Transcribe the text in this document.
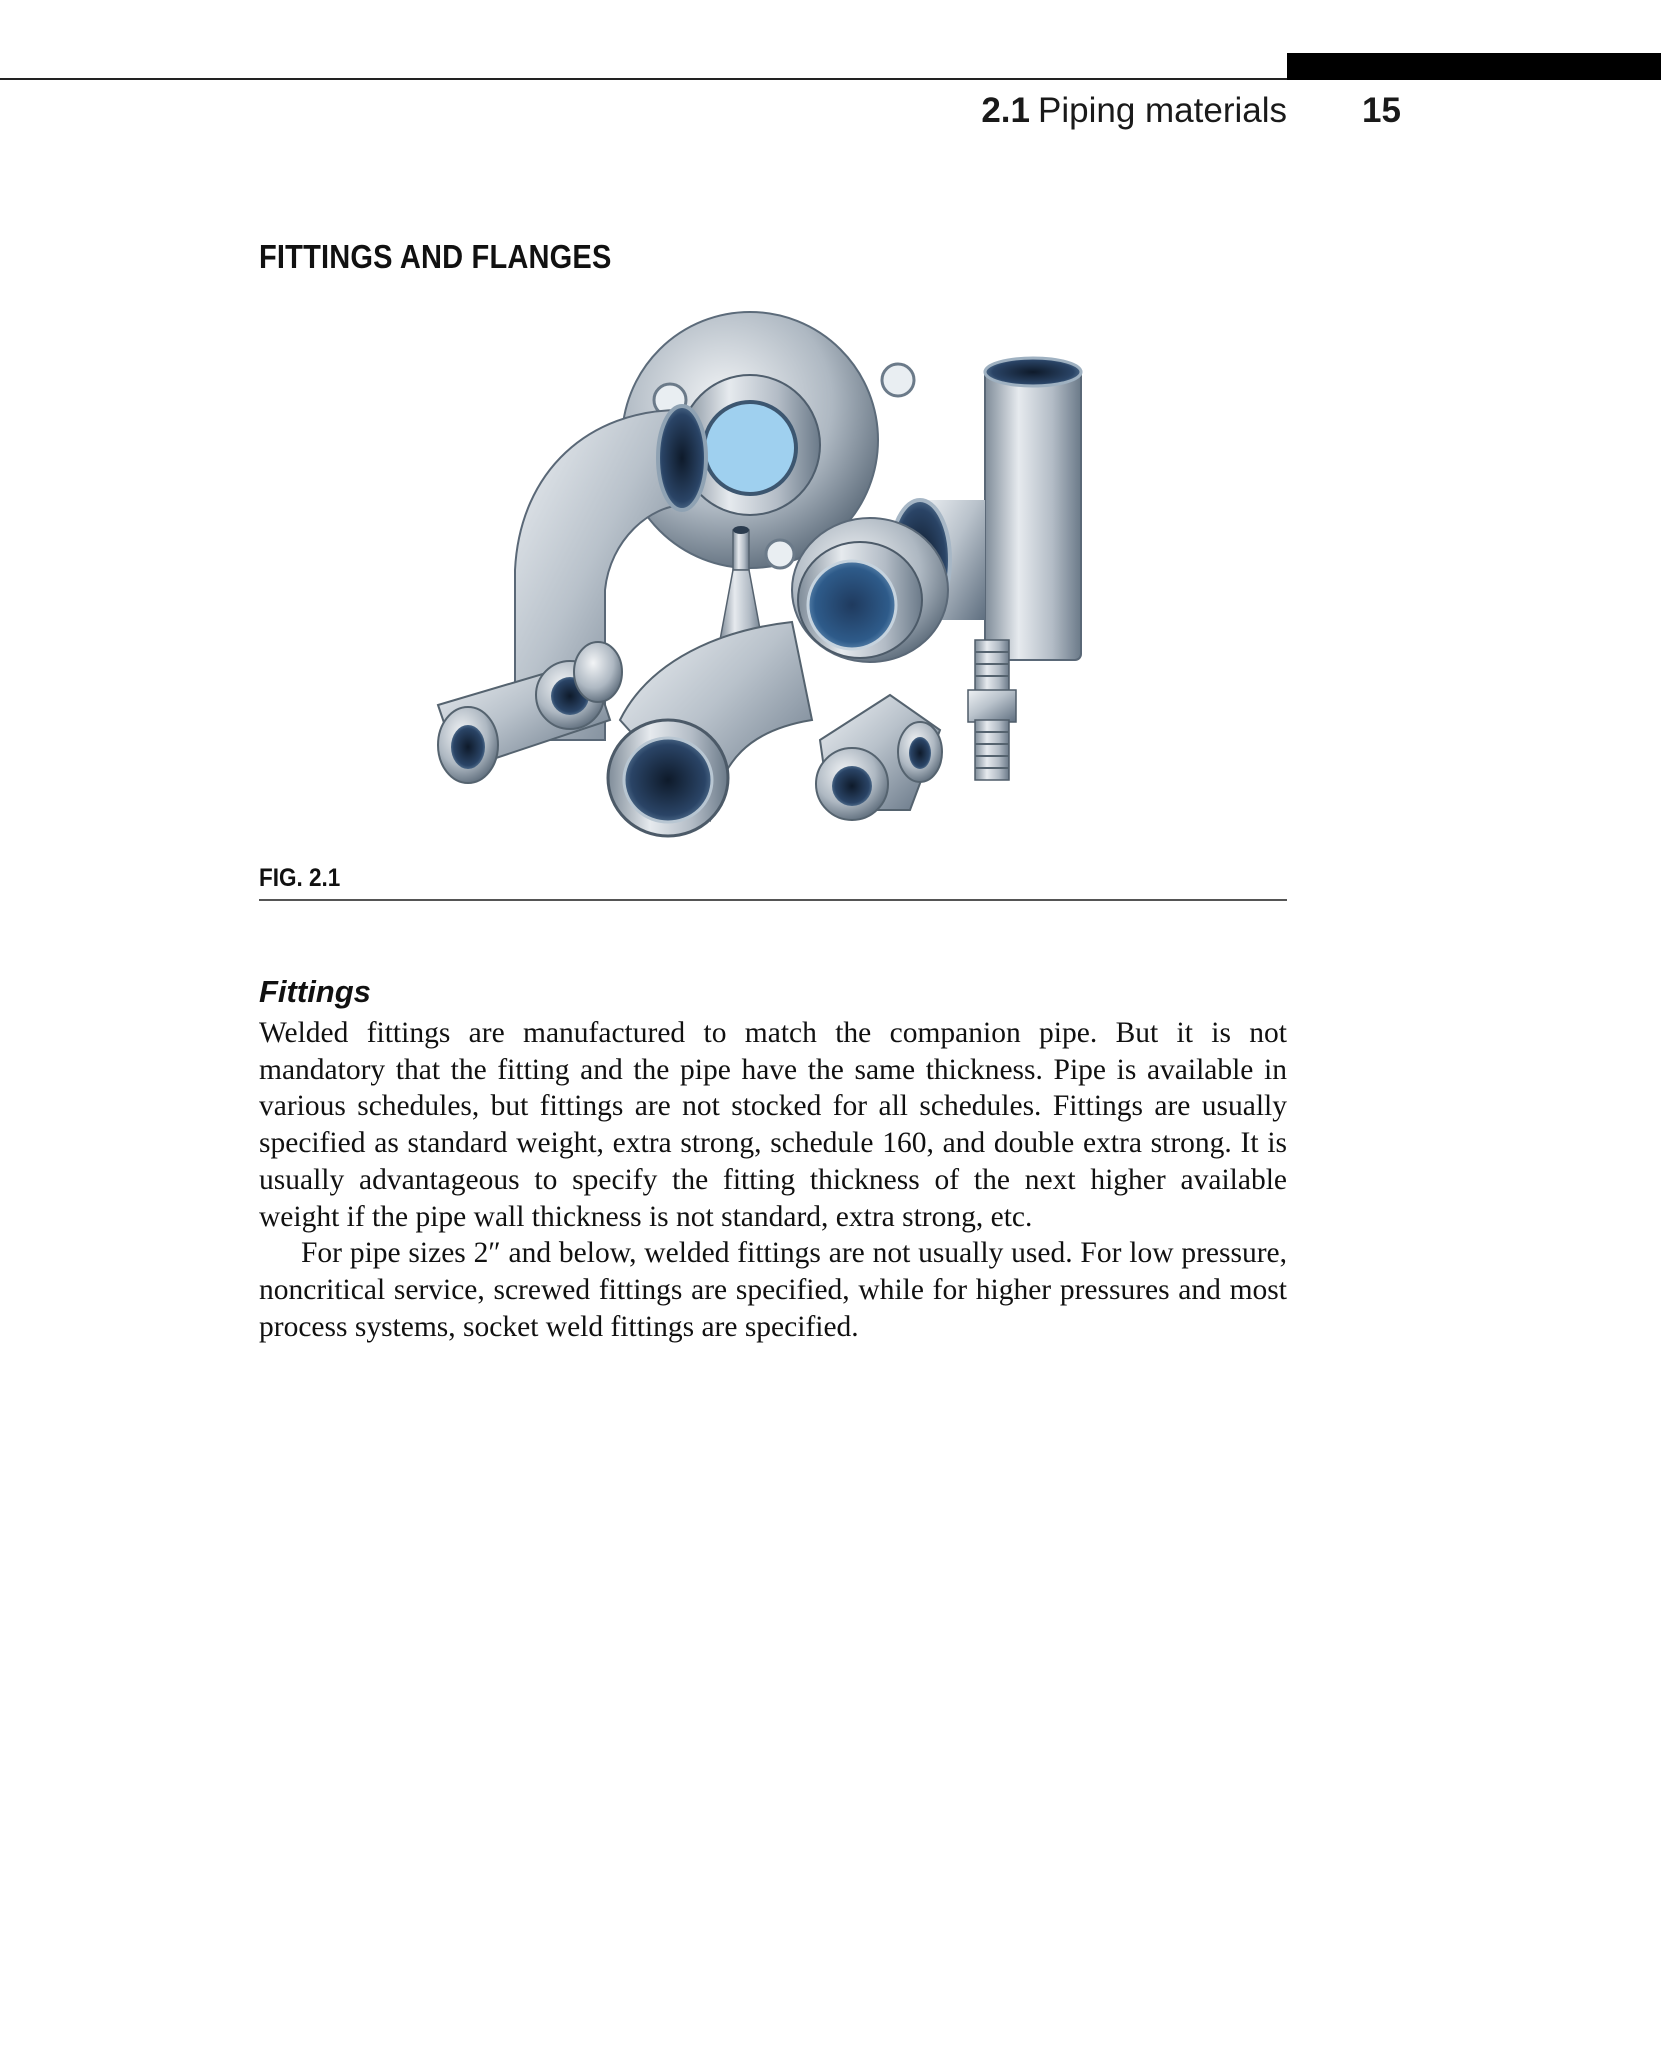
2.1 Piping materials 15
FITTINGS AND FLANGES
FIG. 2.1
Fittings

Welded fittings are manufactured to match the companion pipe. But it is not mandatory that the fitting and the pipe have the same thickness. Pipe is available in various schedules, but fittings are not stocked for all schedules. Fittings are usually specified as standard weight, extra strong, schedule 160, and double extra strong. It is usually advantageous to specify the fitting thickness of the next higher available weight if the pipe wall thickness is not standard, extra strong, etc.

For pipe sizes 2″ and below, welded fittings are not usually used. For low pressure, noncritical service, screwed fittings are specified, while for higher pressures and most process systems, socket weld fittings are specified.
